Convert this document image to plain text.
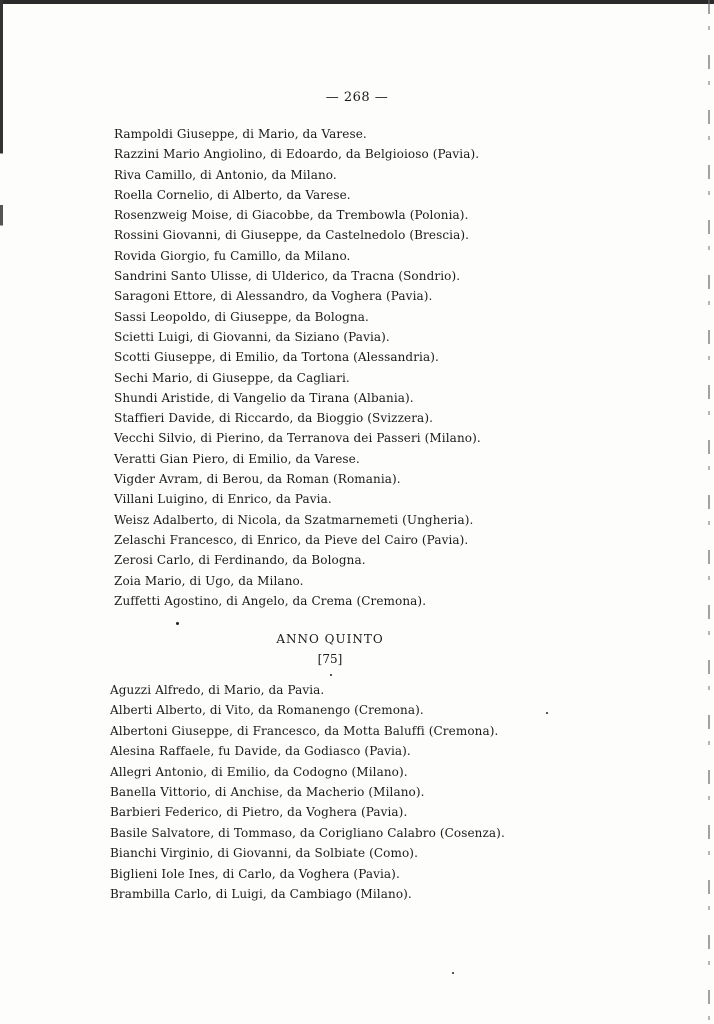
— 268 —
Rampoldi Giuseppe, di Mario, da Varese.
Razzini Mario Angiolino, di Edoardo, da Belgioioso (Pavia).
Riva Camillo, di Antonio, da Milano.
Roella Cornelio, di Alberto, da Varese.
Rosenzweig Moise, di Giacobbe, da Trembowla (Polonia).
Rossini Giovanni, di Giuseppe, da Castelnedolo (Brescia).
Rovida Giorgio, fu Camillo, da Milano.
Sandrini Santo Ulisse, di Ulderico, da Tracna (Sondrio).
Saragoni Ettore, di Alessandro, da Voghera (Pavia).
Sassi Leopoldo, di Giuseppe, da Bologna.
Scietti Luigi, di Giovanni, da Siziano (Pavia).
Scotti Giuseppe, di Emilio, da Tortona (Alessandria).
Sechi Mario, di Giuseppe, da Cagliari.
Shundi Aristide, di Vangelio da Tirana (Albania).
Staffieri Davide, di Riccardo, da Bioggio (Svizzera).
Vecchi Silvio, di Pierino, da Terranova dei Passeri (Milano).
Veratti Gian Piero, di Emilio, da Varese.
Vigder Avram, di Berou, da Roman (Romania).
Villani Luigino, di Enrico, da Pavia.
Weisz Adalberto, di Nicola, da Szatmarnemeti (Ungheria).
Zelaschi Francesco, di Enrico, da Pieve del Cairo (Pavia).
Zerosi Carlo, di Ferdinando, da Bologna.
Zoia Mario, di Ugo, da Milano.
Zuffetti Agostino, di Angelo, da Crema (Cremona).
ANNO QUINTO
[75]
Aguzzi Alfredo, di Mario, da Pavia.
Alberti Alberto, di Vito, da Romanengo (Cremona).
Albertoni Giuseppe, di Francesco, da Motta Baluffi (Cremona).
Alesina Raffaele, fu Davide, da Godiasco (Pavia).
Allegri Antonio, di Emilio, da Codogno (Milano).
Banella Vittorio, di Anchise, da Macherio (Milano).
Barbieri Federico, di Pietro, da Voghera (Pavia).
Basile Salvatore, di Tommaso, da Corigliano Calabro (Cosenza).
Bianchi Virginio, di Giovanni, da Solbiate (Como).
Biglieni Iole Ines, di Carlo, da Voghera (Pavia).
Brambilla Carlo, di Luigi, da Cambiago (Milano).
